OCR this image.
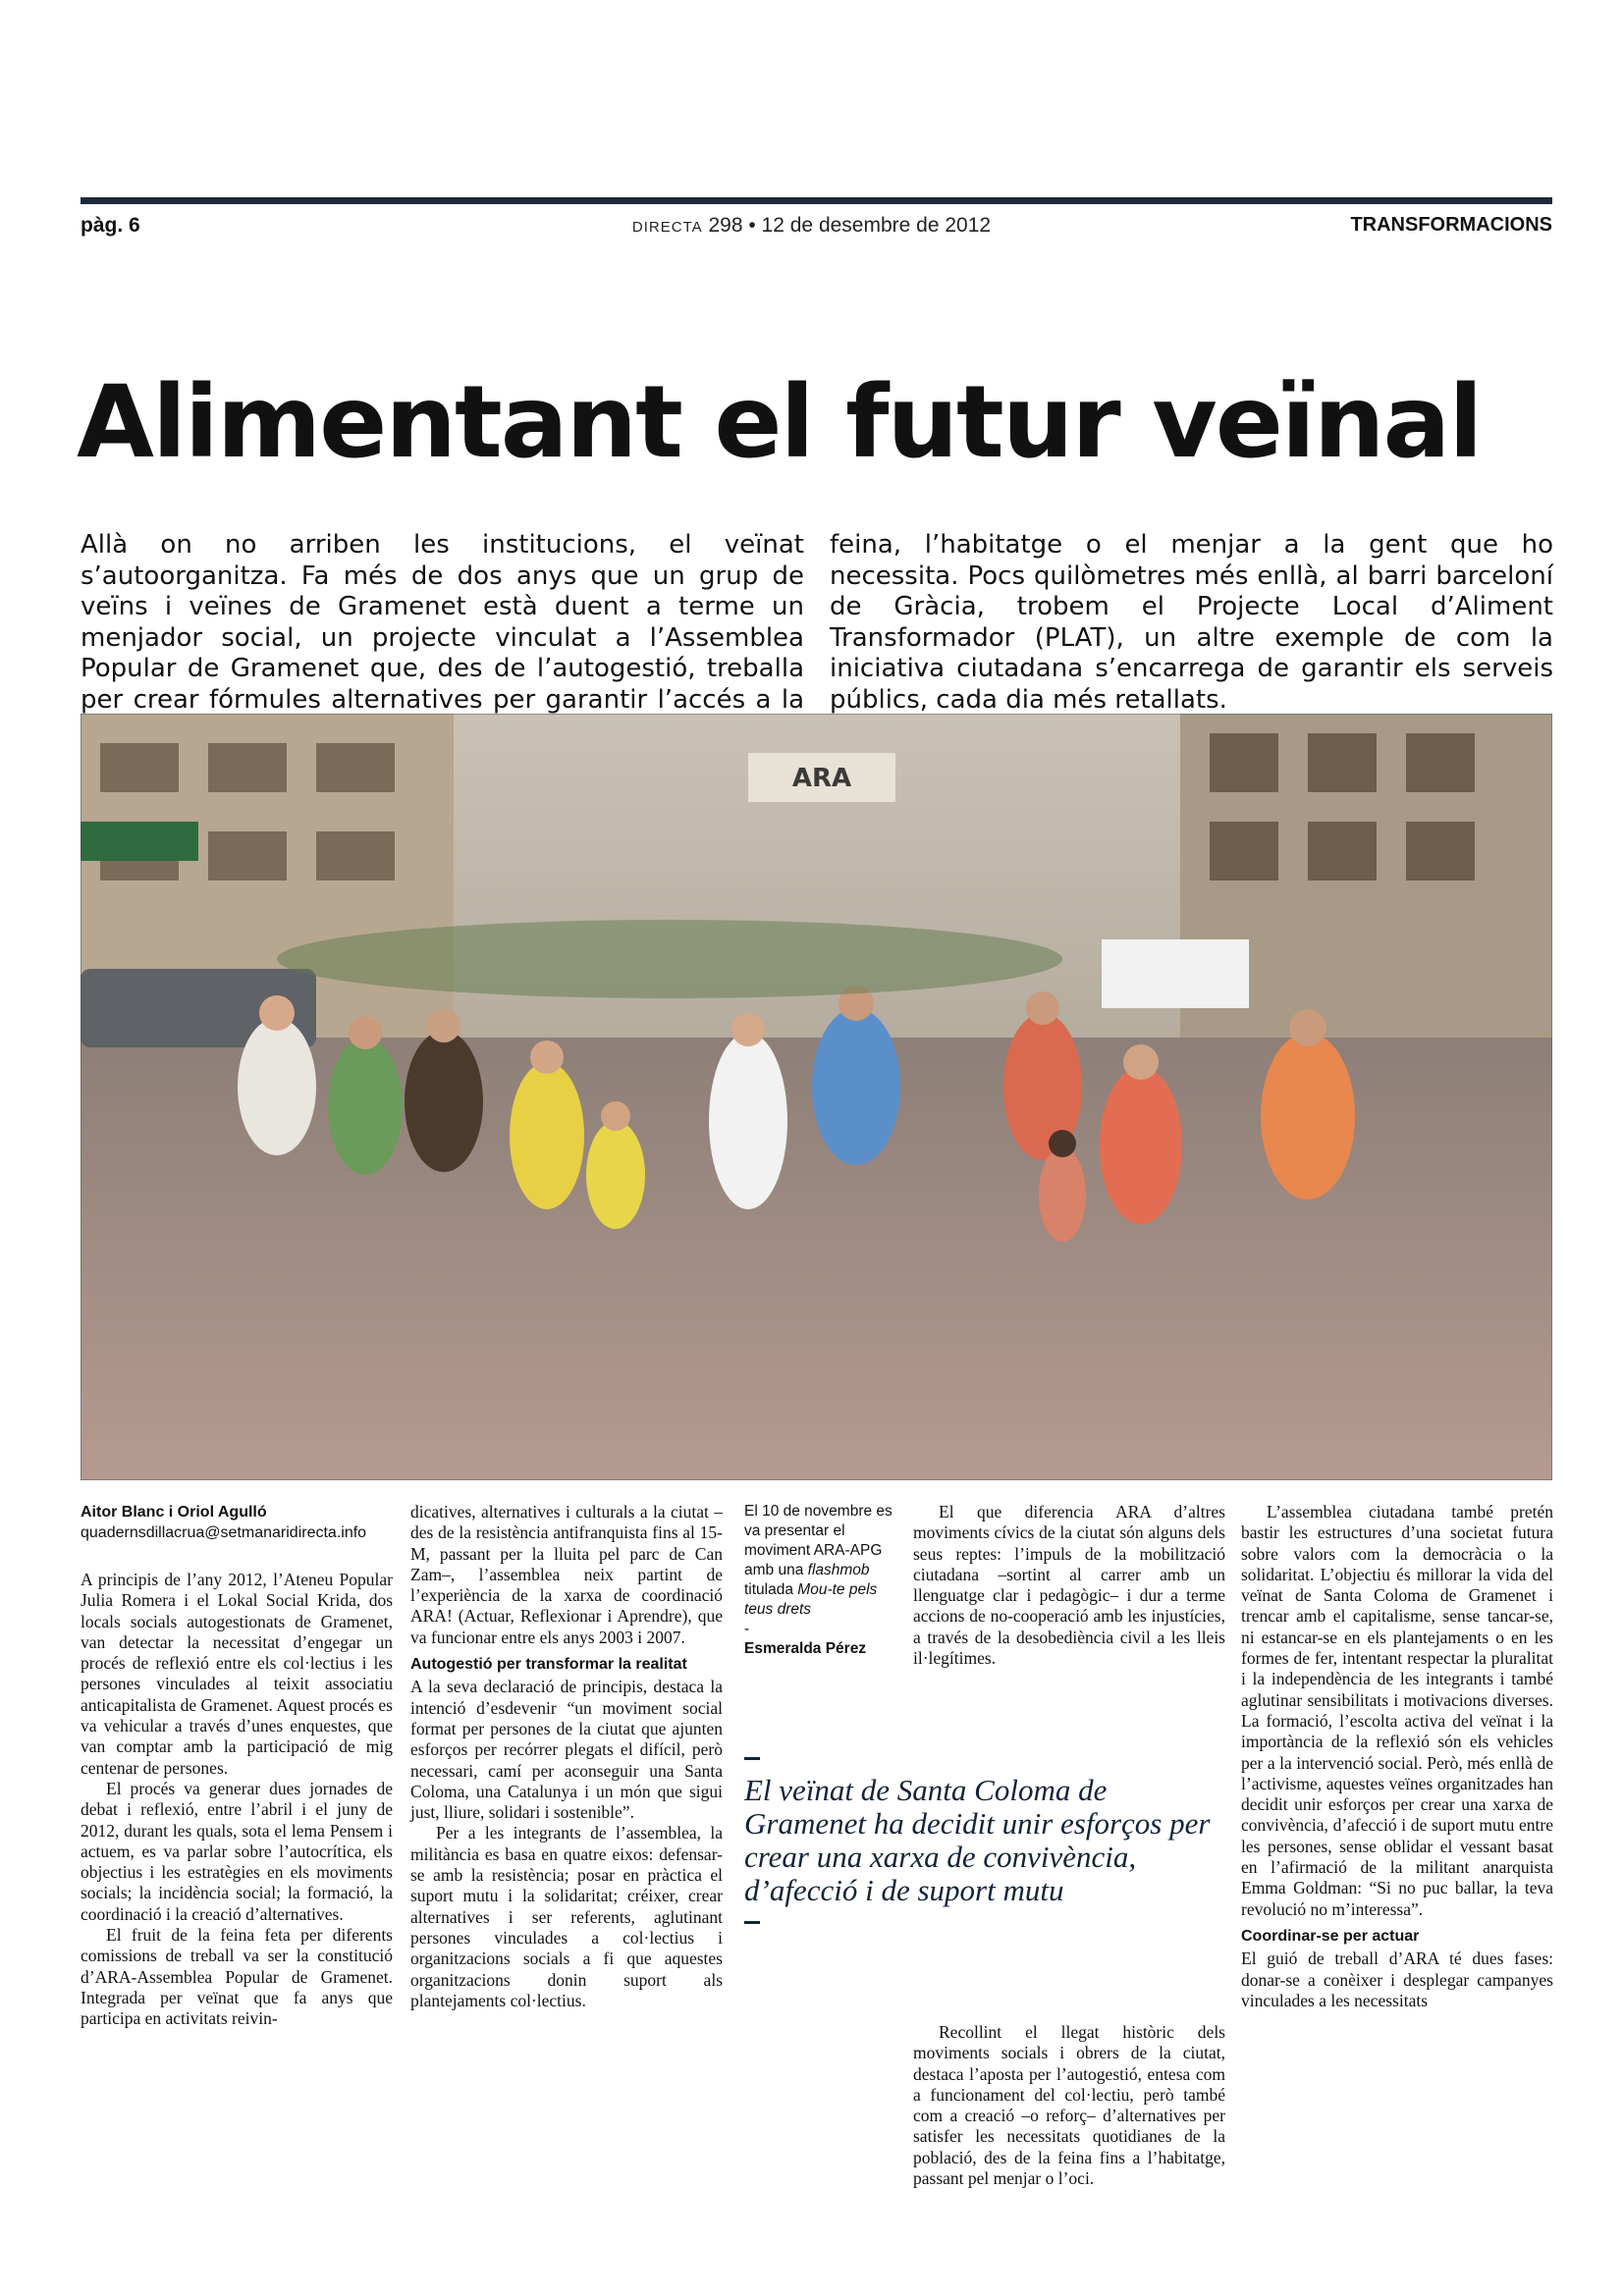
pàg. 6	DIRECTA 298 • 12 de desembre de 2012	TRANSFORMACIONS
Alimentant el futur veïnal
Allà on no arriben les institucions, el veïnat s’autoorganitza. Fa més de dos anys que un grup de veïns i veïnes de Gramenet està duent a terme un menjador social, un projecte vinculat a l’Assemblea Popular de Gramenet que, des de l’autogestió, treballa per crear fórmules alternatives per garantir l’accés a la feina, l’habitatge o el menjar a la gent que ho necessita. Pocs quilòmetres més enllà, al barri barceloní de Gràcia, trobem el Projecte Local d’Aliment Transformador (PLAT), un altre exemple de com la iniciativa ciutadana s’encarrega de garantir els serveis públics, cada dia més retallats.
ARA
Aitor Blanc i Oriol Agulló
quadernsdillacrua@setmanaridirecta.info

A principis de l’any 2012, l’Ateneu Popular Julia Romera i el Lokal Social Krida, dos locals socials autogestionats de Gramenet, van detectar la necessitat d’engegar un procés de reflexió entre els col·lectius i les persones vinculades al teixit associatiu anticapitalista de Gramenet. Aquest procés es va vehicular a través d’unes enquestes, que van comptar amb la participació de mig centenar de persones.

El procés va generar dues jornades de debat i reflexió, entre l’abril i el juny de 2012, durant les quals, sota el lema Pensem i actuem, es va parlar sobre l’autocrítica, els objectius i les estratègies en els moviments socials; la incidència social; la formació, la coordinació i la creació d’alternatives.

El fruit de la feina feta per diferents comissions de treball va ser la constitució d’ARA-Assemblea Popular de Gramenet. Integrada per veïnat que fa anys que participa en activitats reivin-

dicatives, alternatives i culturals a la ciutat –des de la resistència antifranquista fins al 15-M, passant per la lluita pel parc de Can Zam–, l’assemblea neix partint de l’experiència de la xarxa de coordinació ARA! (Actuar, Reflexionar i Aprendre), que va funcionar entre els anys 2003 i 2007.

Autogestió per transformar la realitat

A la seva declaració de principis, destaca la intenció d’esdevenir “un moviment social format per persones de la ciutat que ajunten esforços per recórrer plegats el difícil, però necessari, camí per aconseguir una Santa Coloma, una Catalunya i un món que sigui just, lliure, solidari i sostenible”.

Per a les integrants de l’assemblea, la militància es basa en quatre eixos: defensar-se amb la resistència; posar en pràctica el suport mutu i la solidaritat; créixer, crear alternatives i ser referents, aglutinant persones vinculades a col·lectius i organitzacions socials a fi que aquestes organitzacions donin suport als plantejaments col·lectius.

El 10 de novembre es va presentar el moviment ARA-APG amb una flashmob titulada Mou-te pels teus drets
-
Esmeralda Pérez

El que diferencia ARA d’altres moviments cívics de la ciutat són alguns dels seus reptes: l’impuls de la mobilització ciutadana –sortint al carrer amb un llenguatge clar i pedagògic– i dur a terme accions de no-cooperació amb les injustícies, a través de la desobediència civil a les lleis il·legítimes.

El veïnat de Santa Coloma de Gramenet ha decidit unir esforços per crear una xarxa de convivència, d’afecció i de suport mutu

Recollint el llegat històric dels moviments socials i obrers de la ciutat, destaca l’aposta per l’autogestió, entesa com a funcionament del col·lectiu, però també com a creació –o reforç– d’alternatives per satisfer les necessitats quotidianes de la població, des de la feina fins a l’habitatge, passant pel menjar o l’oci.

L’assemblea ciutadana també pretén bastir les estructures d’una societat futura sobre valors com la democràcia o la solidaritat. L’objectiu és millorar la vida del veïnat de Santa Coloma de Gramenet i trencar amb el capitalisme, sense tancar-se, ni estancar-se en els plantejaments o en les formes de fer, intentant respectar la pluralitat i la independència de les integrants i també aglutinar sensibilitats i motivacions diverses. La formació, l’escolta activa del veïnat i la importància de la reflexió són els vehicles per a la intervenció social. Però, més enllà de l’activisme, aquestes veïnes organitzades han decidit unir esforços per crear una xarxa de convivència, d’afecció i de suport mutu entre les persones, sense oblidar el vessant basat en l’afirmació de la militant anarquista Emma Goldman: “Si no puc ballar, la teva revolució no m’interessa”.

Coordinar-se per actuar

El guió de treball d’ARA té dues fases: donar-se a conèixer i desplegar campanyes vinculades a les necessitats
